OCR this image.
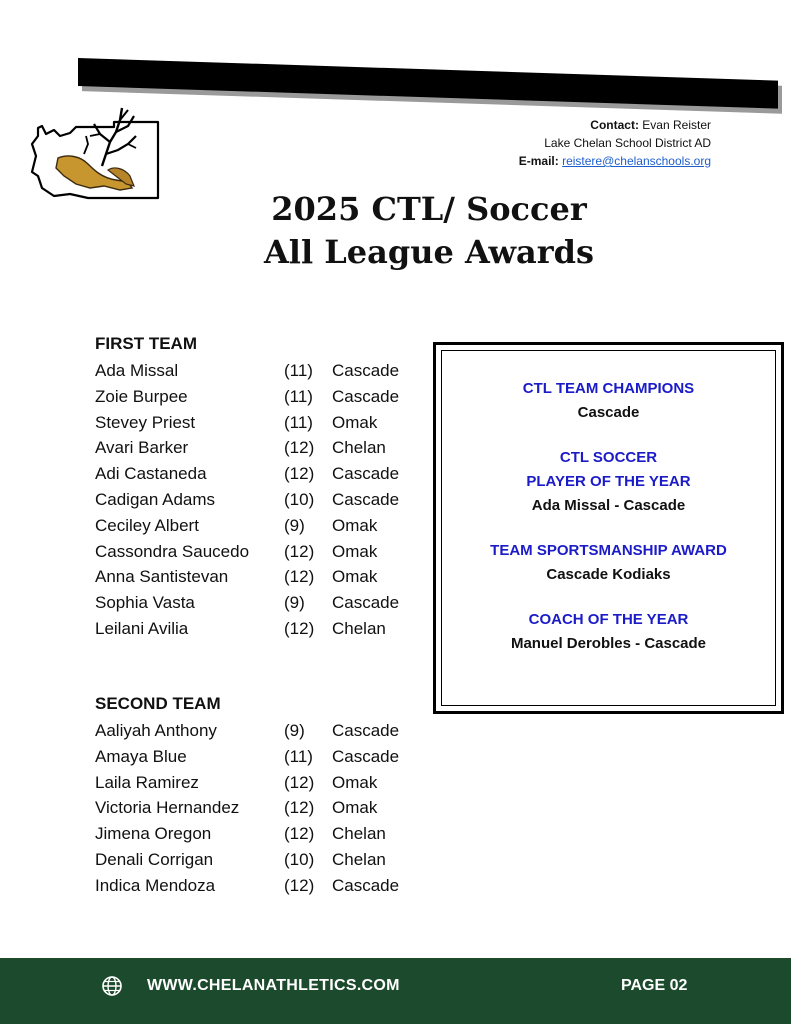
Contact: Evan Reister
Lake Chelan School District AD
E-mail: reistere@chelanschools.org
2025 CTL/ Soccer
All League Awards
FIRST TEAM
Ada Missal	(11) Cascade
Zoie Burpee	(11) Cascade
Stevey Priest	(11) Omak
Avari Barker	(12) Chelan
Adi Castaneda	(12) Cascade
Cadigan Adams	(10) Cascade
Ceciley Albert	(9) Omak
Cassondra Saucedo (12) Omak
Anna Santistevan	(12) Omak
Sophia Vasta	(9) Cascade
Leilani Avilia	(12) Chelan
SECOND TEAM
Aaliyah Anthony	(9) Cascade
Amaya Blue	(11) Cascade
Laila Ramirez	(12) Omak
Victoria Hernandez	(12) Omak
Jimena Oregon	(12) Chelan
Denali Corrigan	(10) Chelan
Indica Mendoza	(12) Cascade
CTL TEAM CHAMPIONS
Cascade
CTL SOCCER
PLAYER OF THE YEAR
Ada Missal - Cascade
TEAM SPORTSMANSHIP AWARD
Cascade Kodiaks
COACH OF THE YEAR
Manuel Derobles - Cascade
WWW.CHELANATHLETICS.COM	PAGE 02
